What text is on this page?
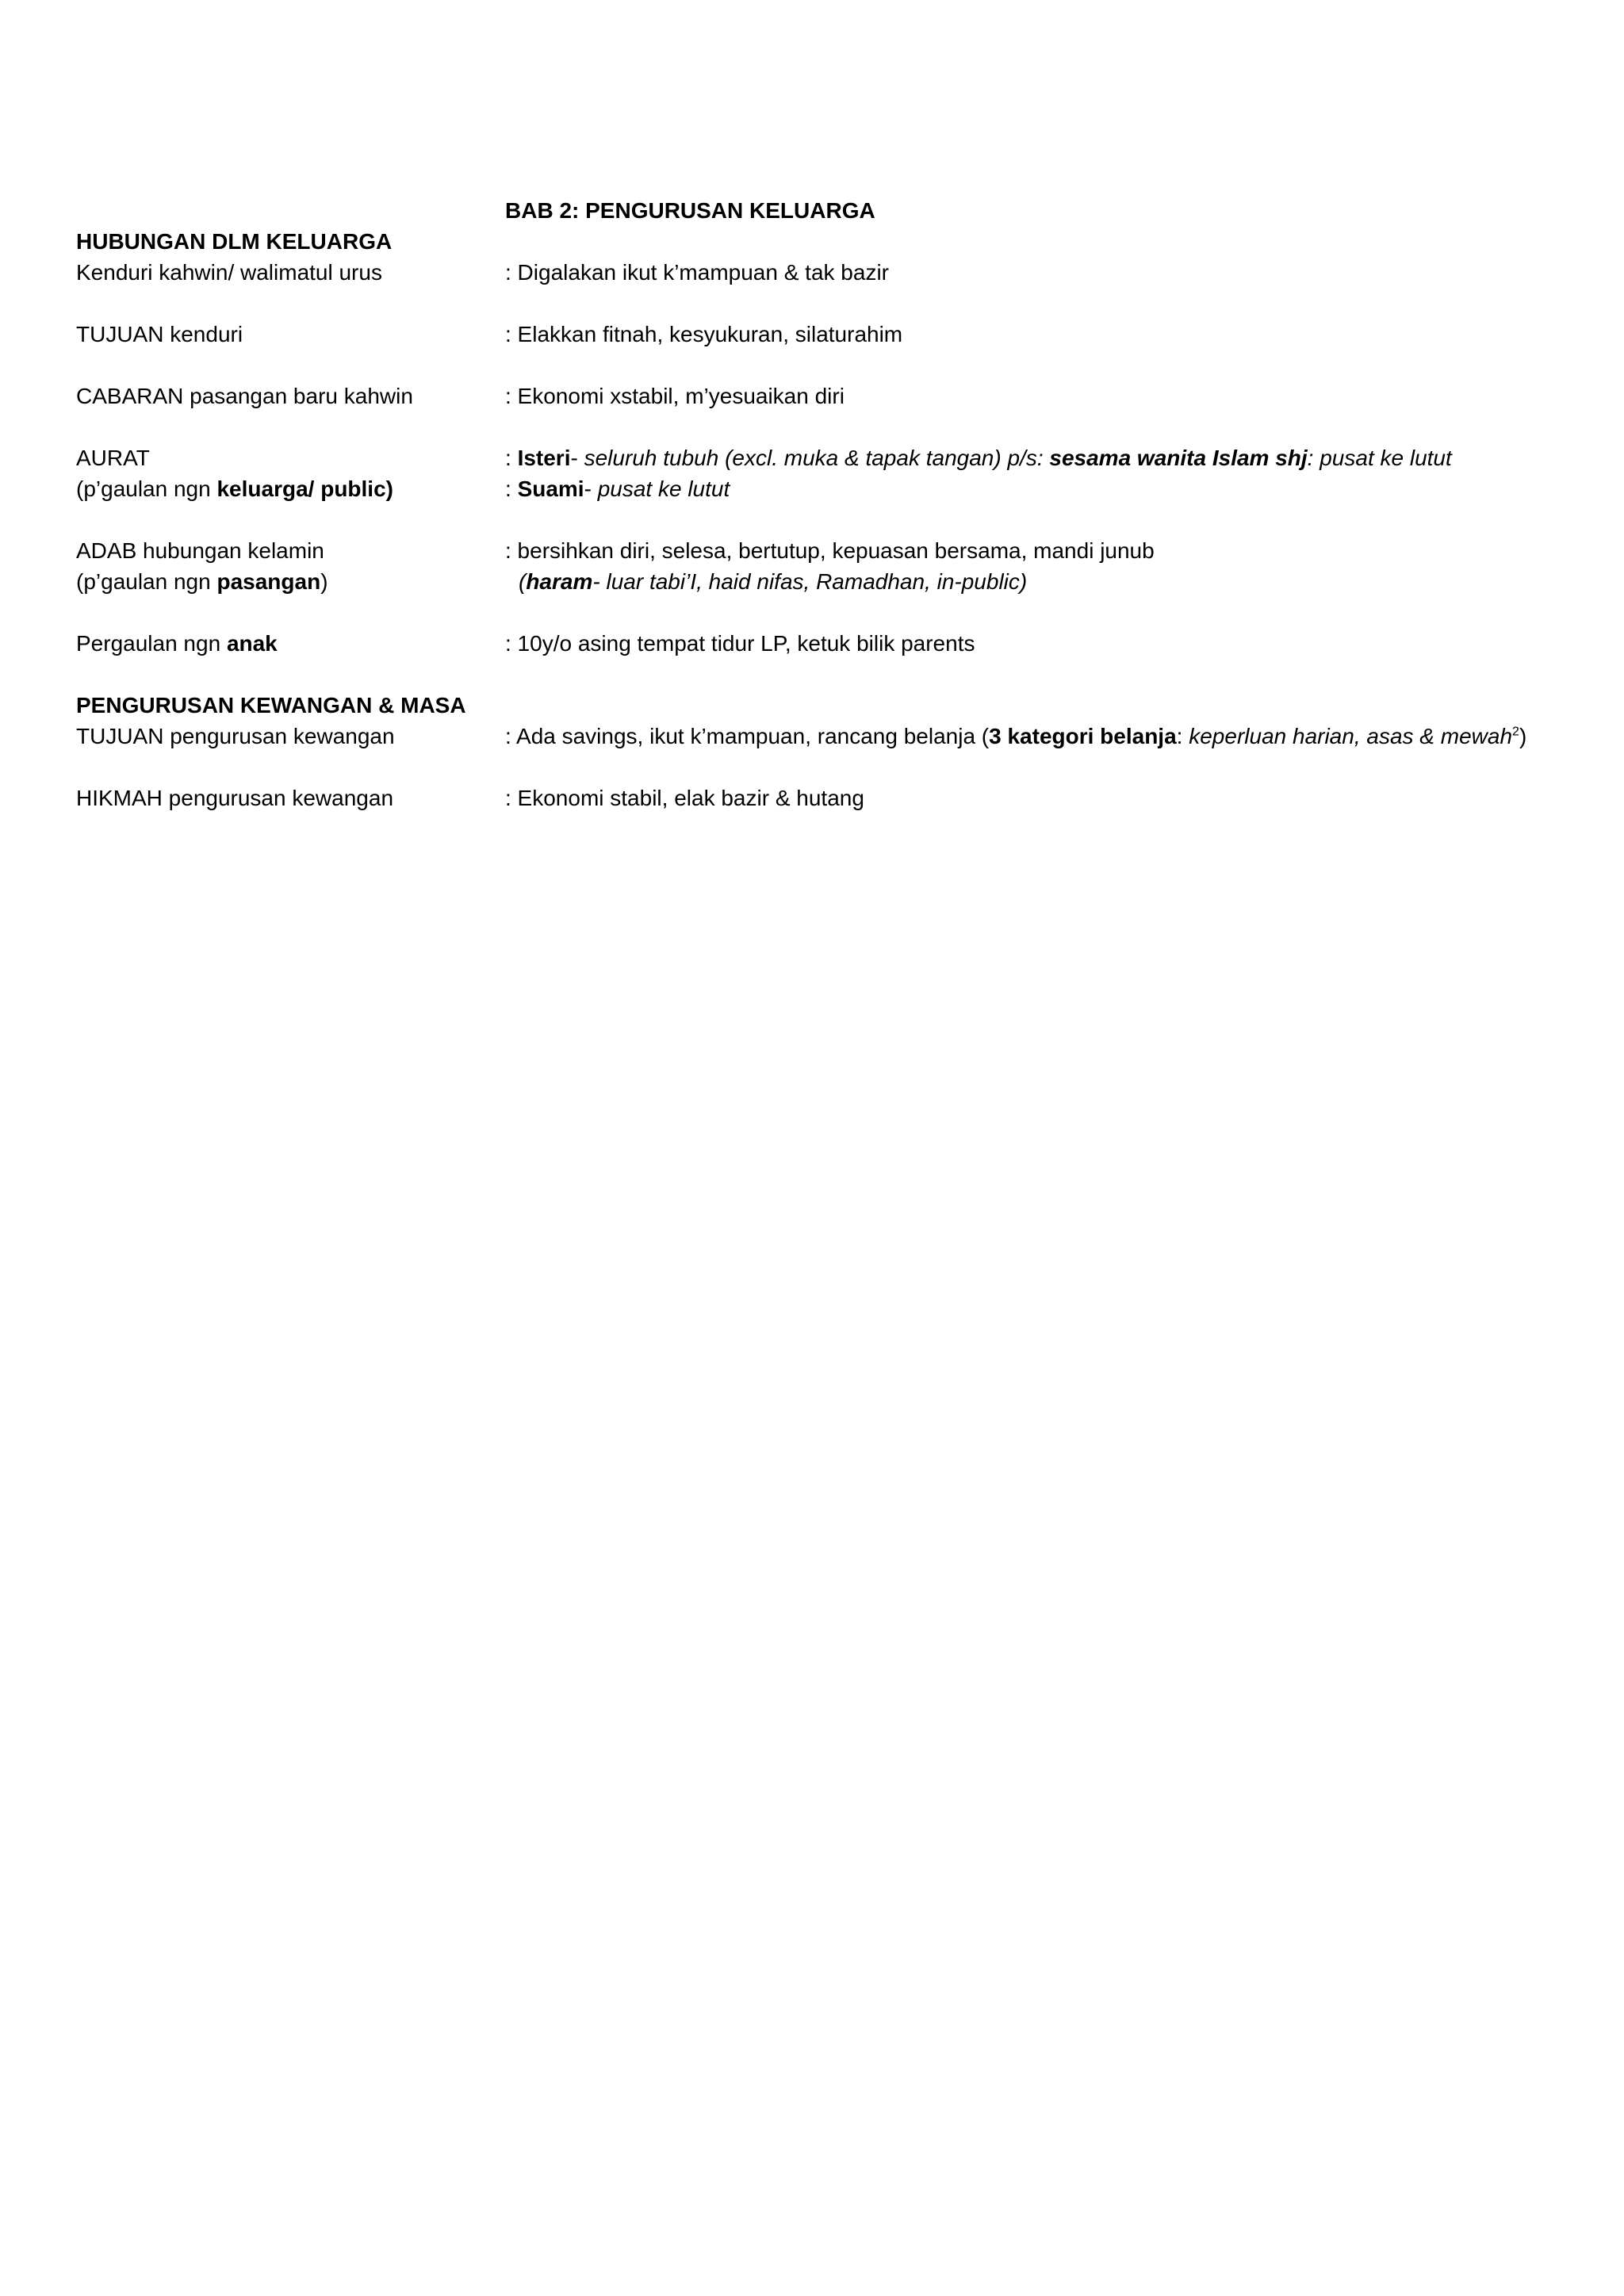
BAB 2: PENGURUSAN KELUARGA
HUBUNGAN DLM KELUARGA
Kenduri kahwin/ walimatul urus	: Digalakan ikut k’mampuan & tak bazir
TUJUAN kenduri	: Elakkan fitnah, kesyukuran, silaturahim
CABARAN pasangan baru kahwin	: Ekonomi xstabil, m’yesuaikan diri
AURAT	: Isteri- seluruh tubuh (excl. muka & tapak tangan) p/s: sesama wanita Islam shj: pusat ke lutut
(p’gaulan ngn keluarga/ public)	: Suami- pusat ke lutut
ADAB hubungan kelamin	: bersihkan diri, selesa, bertutup, kepuasan bersama, mandi junub
(p’gaulan ngn pasangan)	(haram- luar tabi’I, haid nifas, Ramadhan, in-public)
Pergaulan ngn anak	: 10y/o asing tempat tidur LP, ketuk bilik parents
PENGURUSAN KEWANGAN & MASA
TUJUAN pengurusan kewangan	: Ada savings, ikut k’mampuan, rancang belanja (3 kategori belanja: keperluan harian, asas & mewah$^2$)
HIKMAH pengurusan kewangan	: Ekonomi stabil, elak bazir & hutang
